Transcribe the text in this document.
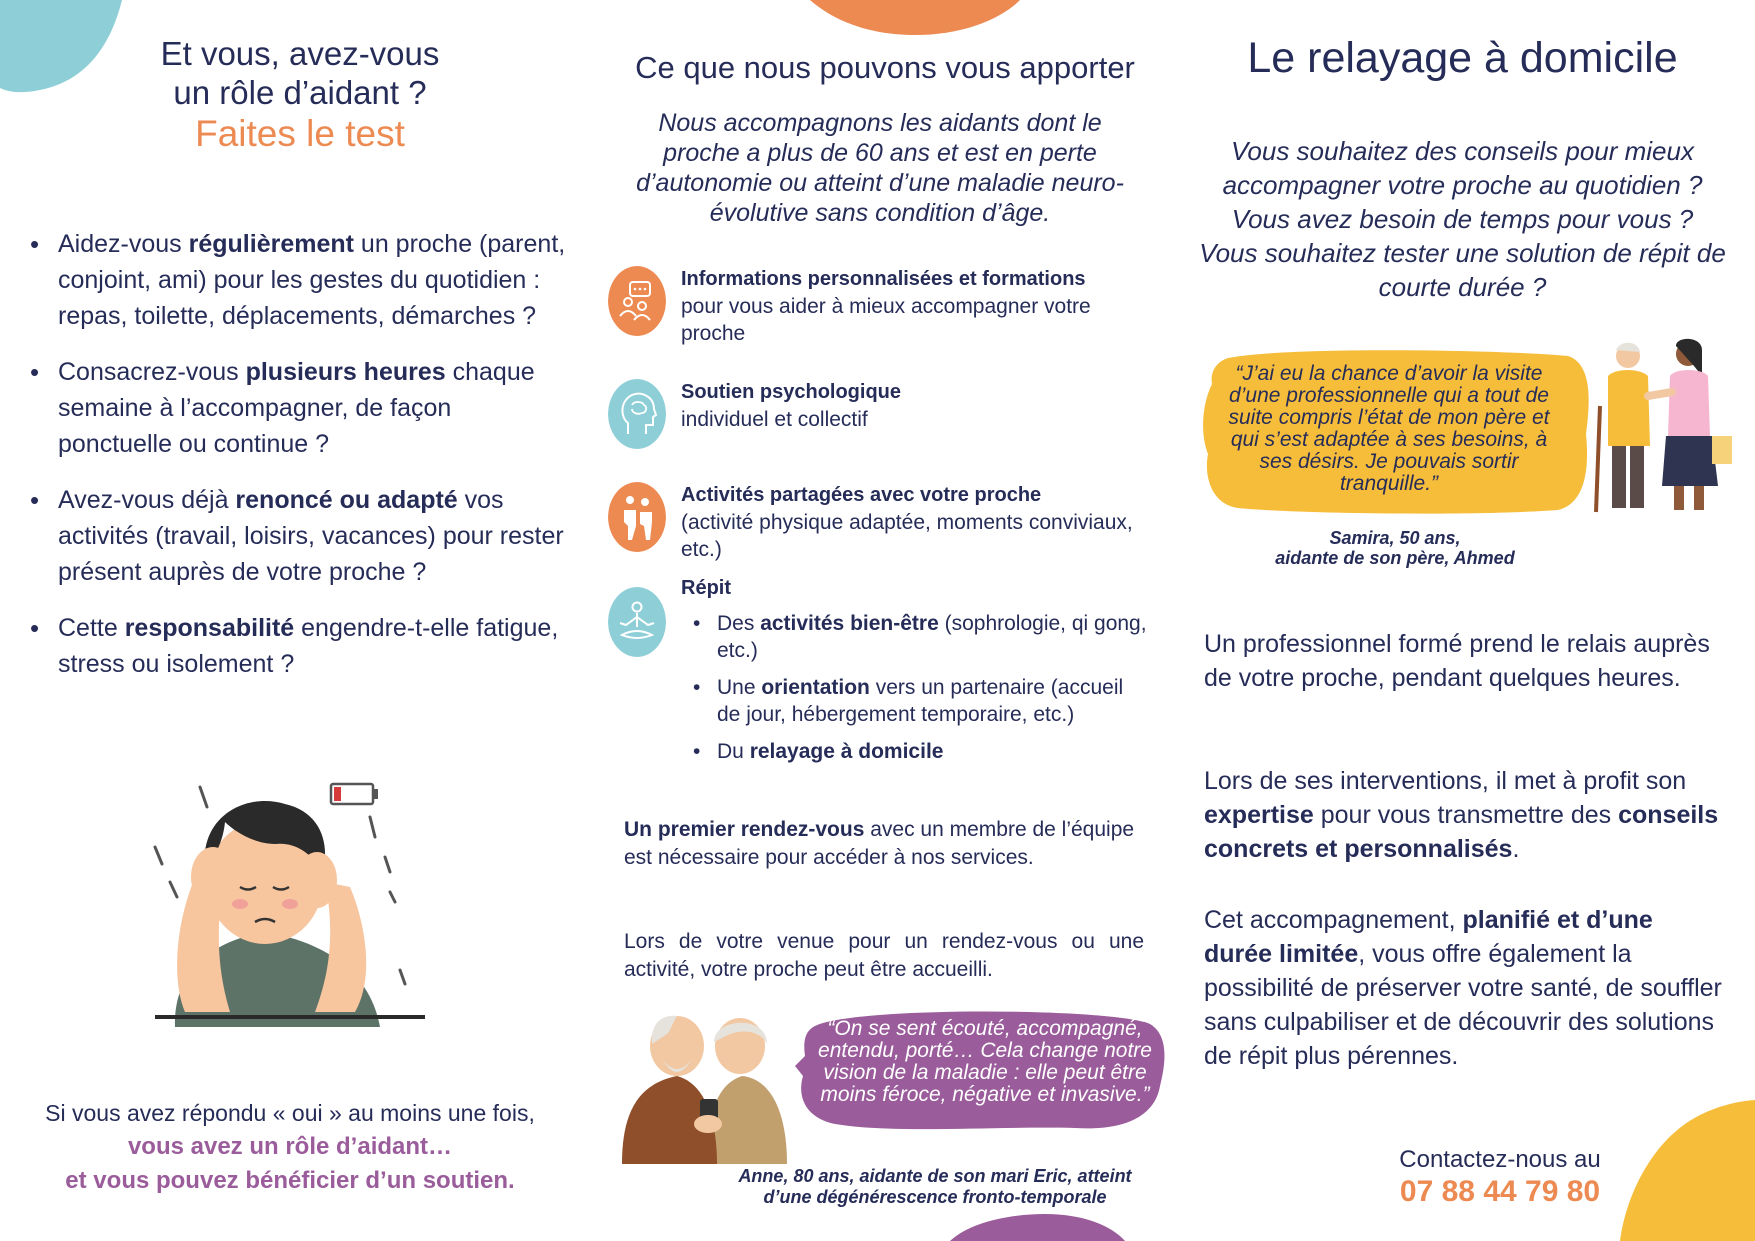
Et vous, avez-vous
un rôle d’aidant ?
Faites le test
• Aidez-vous régulièrement un proche (parent, conjoint, ami) pour les gestes du quotidien : repas, toilette, déplacements, démarches ?
• Consacrez-vous plusieurs heures chaque semaine à l’accompagner, de façon ponctuelle ou continue ?
• Avez-vous déjà renoncé ou adapté vos activités (travail, loisirs, vacances) pour rester présent auprès de votre proche ?
• Cette responsabilité engendre-t-elle fatigue, stress ou isolement ?
Si vous avez répondu « oui » au moins une fois,
vous avez un rôle d’aidant…
et vous pouvez bénéficier d’un soutien.
Ce que nous pouvons vous apporter

Nous accompagnons les aidants dont le proche a plus de 60 ans et est en perte d’autonomie ou atteint d’une maladie neuro-évolutive sans condition d’âge.

Informations personnalisées et formations
pour vous aider à mieux accompagner votre proche
Soutien psychologique
individuel et collectif
Activités partagées avec votre proche
(activité physique adaptée, moments conviviaux, etc.)
Répit
• Des activités bien-être (sophrologie, qi gong, etc.)
• Une orientation vers un partenaire (accueil de jour, hébergement temporaire, etc.)
• Du relayage à domicile

Un premier rendez-vous avec un membre de l’équipe est nécessaire pour accéder à nos services.

Lors de votre venue pour un rendez-vous ou une activité, votre proche peut être accueilli.

“On se sent écouté, accompagné, entendu, porté… Cela change notre vision de la maladie : elle peut être moins féroce, négative et invasive.”

Anne, 80 ans, aidante de son mari Eric, atteint
d’une dégénérescence fronto-temporale

Le relayage à domicile
Vous souhaitez des conseils pour mieux accompagner votre proche au quotidien ?
Vous avez besoin de temps pour vous ?
Vous souhaitez tester une solution de répit de courte durée ?

“J’ai eu la chance d’avoir la visite d’une professionnelle qui a tout de suite compris l’état de mon père et qui s’est adaptée à ses besoins, à ses désirs. Je pouvais sortir tranquille.”

Samira, 50 ans,
aidante de son père, Ahmed

Un professionnel formé prend le relais auprès de votre proche, pendant quelques heures.

Lors de ses interventions, il met à profit son expertise pour vous transmettre des conseils concrets et personnalisés.

Cet accompagnement, planifié et d’une durée limitée, vous offre également la possibilité de préserver votre santé, de souffler sans culpabiliser et de découvrir des solutions de répit plus pérennes.

Contactez-nous au
07 88 44 79 80
